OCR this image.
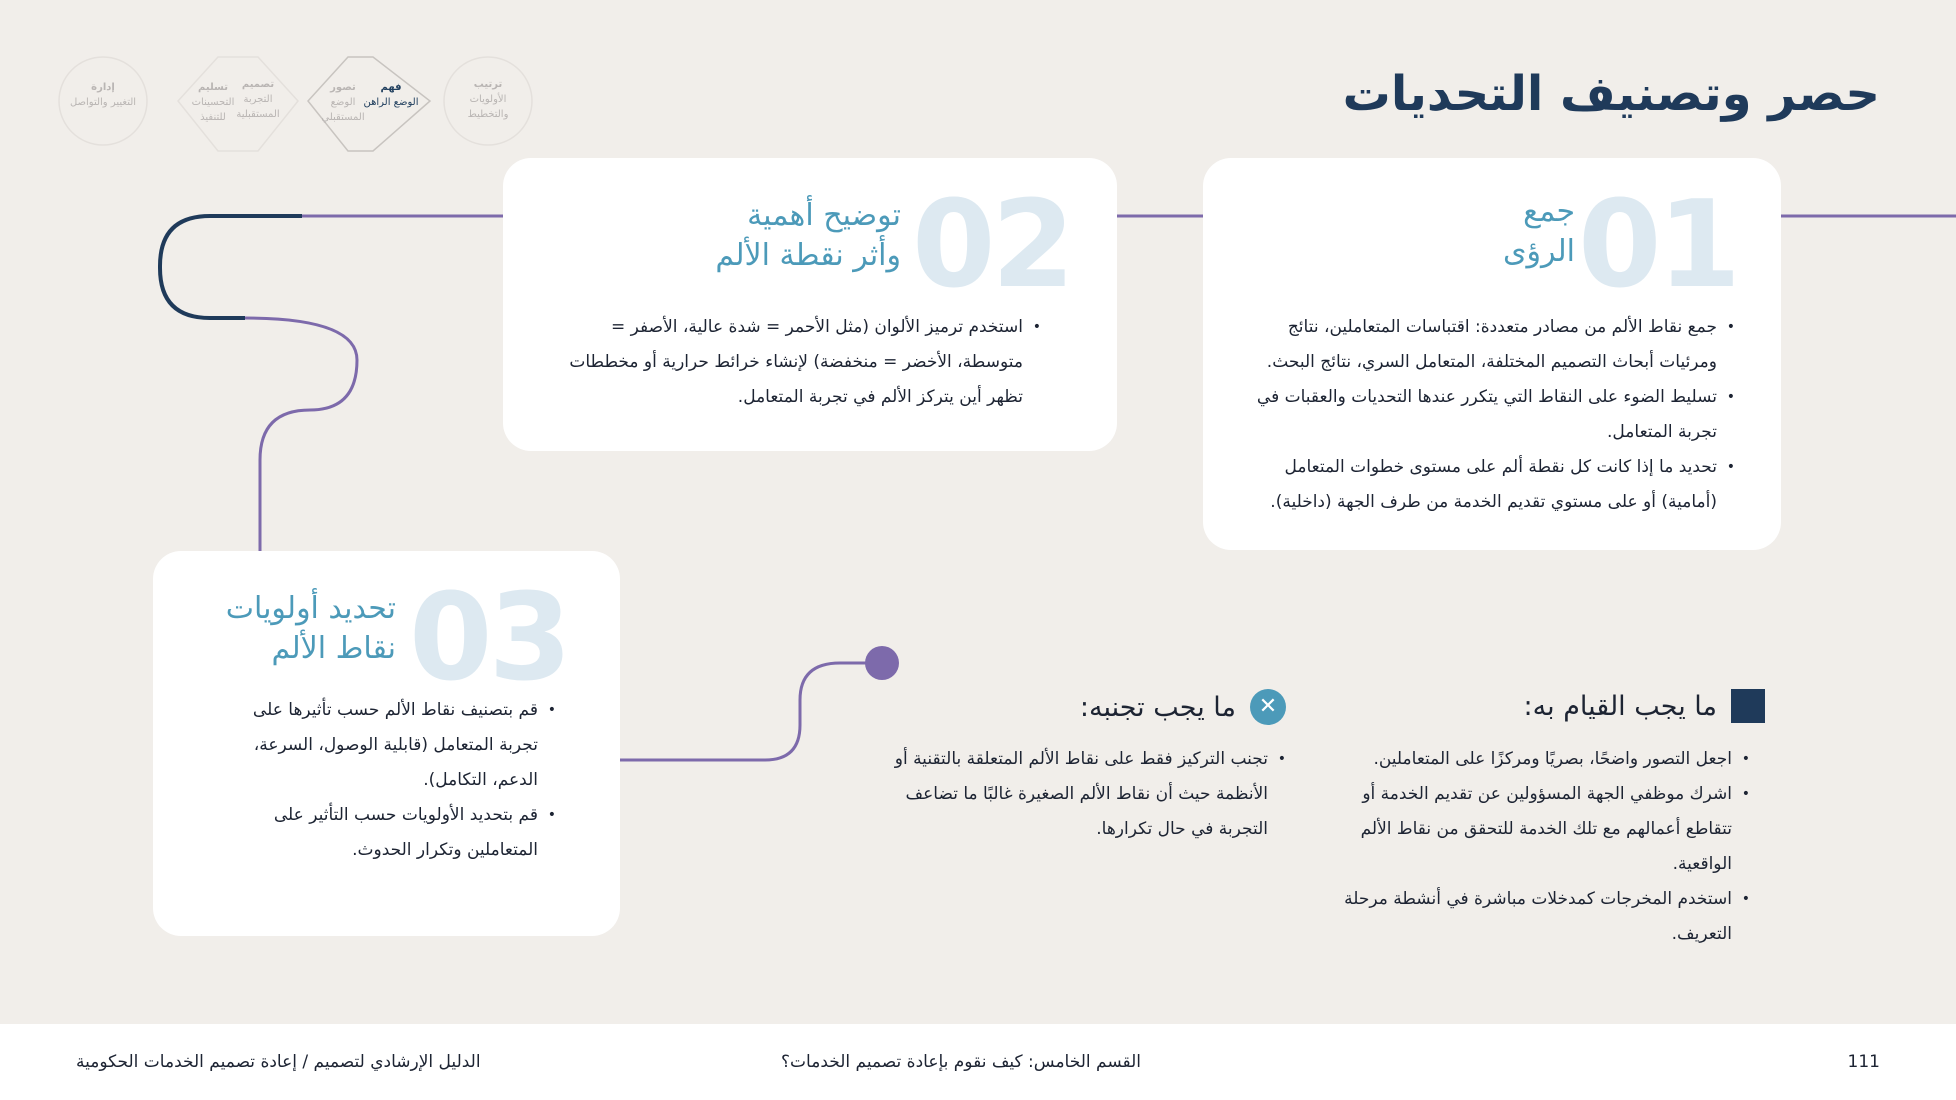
ترتيب
الأولويات والتخطيط
فهم
الوضع الراهن
تصور
الوضع المستقبلي
تصميم
التجربة المستقبلية
تسليم
التحسينات للتنفيذ
إدارة
التغيير والتواصل	حصر وتصنيف التحديات
01
جمع
الرؤى
• جمع نقاط الألم من مصادر متعددة: اقتباسات المتعاملين، نتائج ومرئيات أبحاث التصميم المختلفة، المتعامل السري، نتائج البحث.
• تسليط الضوء على النقاط التي يتكرر عندها التحديات والعقبات في تجربة المتعامل.
• تحديد ما إذا كانت كل نقطة ألم على مستوى خطوات المتعامل (أمامية) أو على مستوي تقديم الخدمة من طرف الجهة (داخلية).
02
توضيح أهمية
وأثر نقطة الألم
• استخدم ترميز الألوان (مثل الأحمر = شدة عالية، الأصفر = متوسطة، الأخضر = منخفضة) لإنشاء خرائط حرارية أو مخططات تظهر أين يتركز الألم في تجربة المتعامل.
03
تحديد أولويات
نقاط الألم
• قم بتصنيف نقاط الألم حسب تأثيرها على تجربة المتعامل (قابلية الوصول، السرعة، الدعم، التكامل).
• قم بتحديد الأولويات حسب التأثير على المتعاملين وتكرار الحدوث.
ما يجب القيام به:
• اجعل التصور واضحًا، بصريًا ومركزًا على المتعاملين.
• اشرك موظفي الجهة المسؤولين عن تقديم الخدمة أو تتقاطع أعمالهم مع تلك الخدمة للتحقق من نقاط الألم الواقعية.
• استخدم المخرجات كمدخلات مباشرة في أنشطة مرحلة التعريف.
✕
ما يجب تجنبه:
• تجنب التركيز فقط على نقاط الألم المتعلقة بالتقنية أو الأنظمة حيث أن نقاط الألم الصغيرة غالبًا ما تضاعف التجربة في حال تكرارها.
111
القسم الخامس: كيف نقوم بإعادة تصميم الخدمات؟
الدليل الإرشادي لتصميم / إعادة تصميم الخدمات الحكومية
